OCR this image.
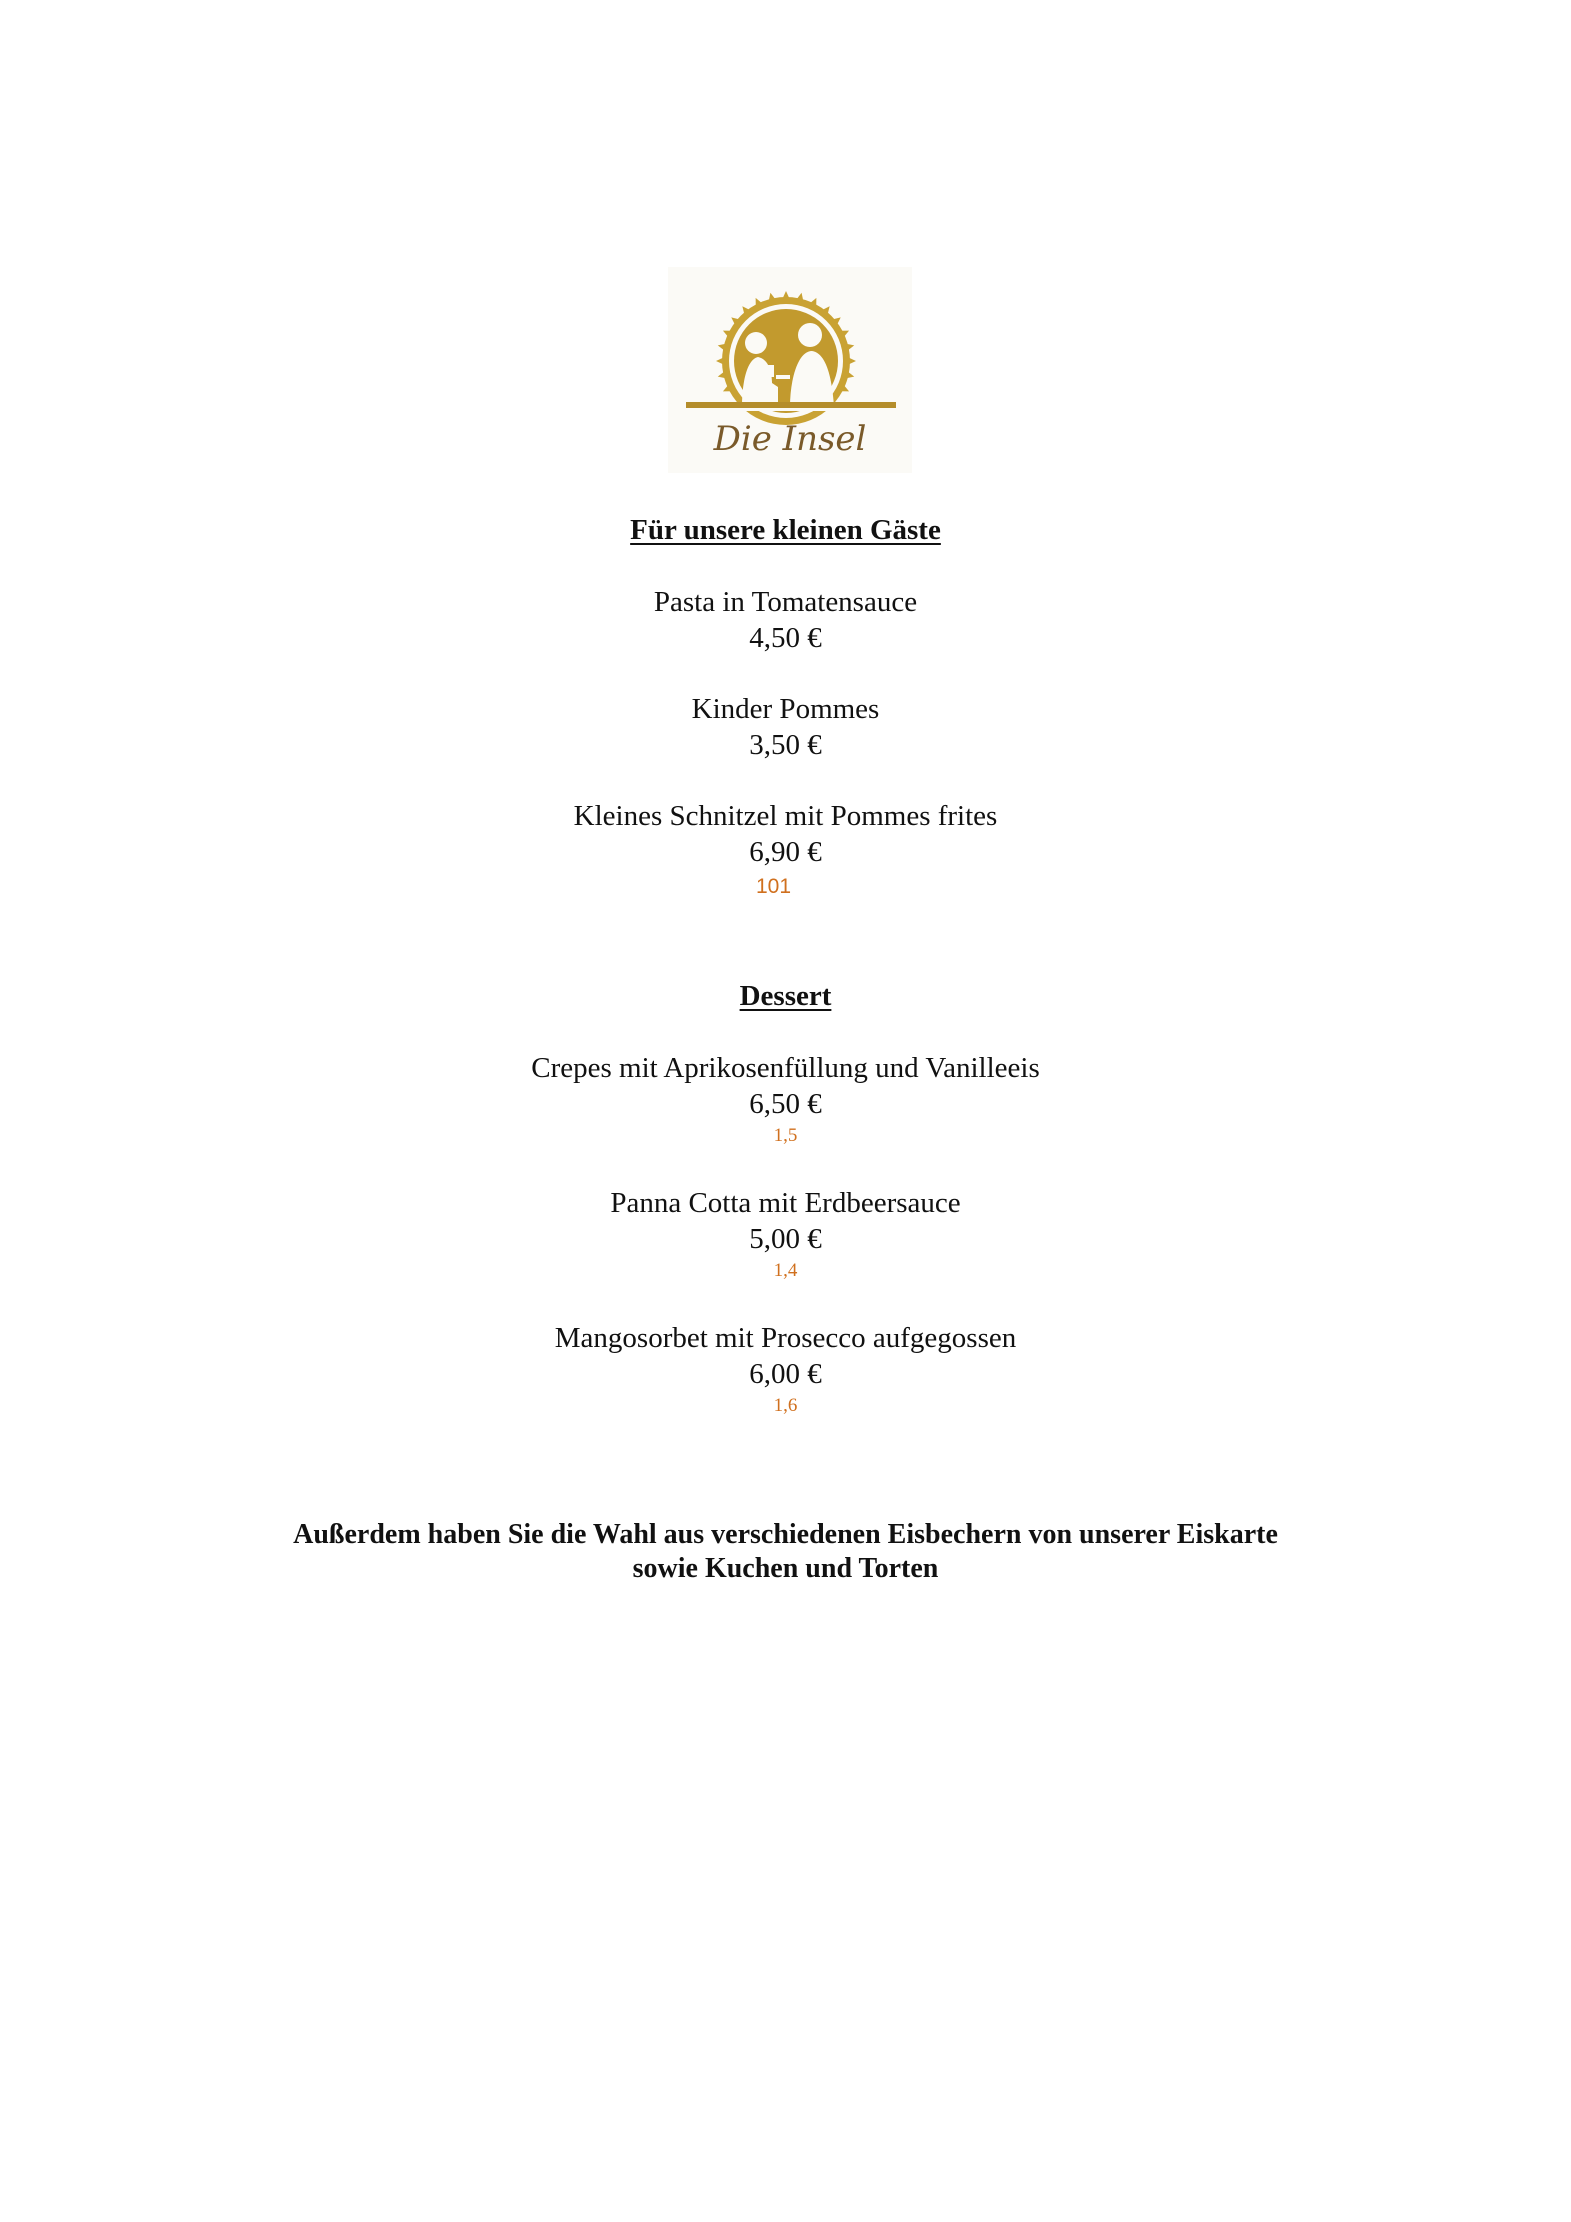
Die Insel
Für unsere kleinen Gäste
Pasta in Tomatensauce
4,50 €
Kinder Pommes
3,50 €
Kleines Schnitzel mit Pommes frites
6,90 €
101
Dessert
Crepes mit Aprikosenfüllung und Vanilleeis
6,50 €
1,5
Panna Cotta mit Erdbeersauce
5,00 €
1,4
Mangosorbet mit Prosecco aufgegossen
6,00 €
1,6
Außerdem haben Sie die Wahl aus verschiedenen Eisbechern von unserer Eiskarte
sowie Kuchen und Torten
